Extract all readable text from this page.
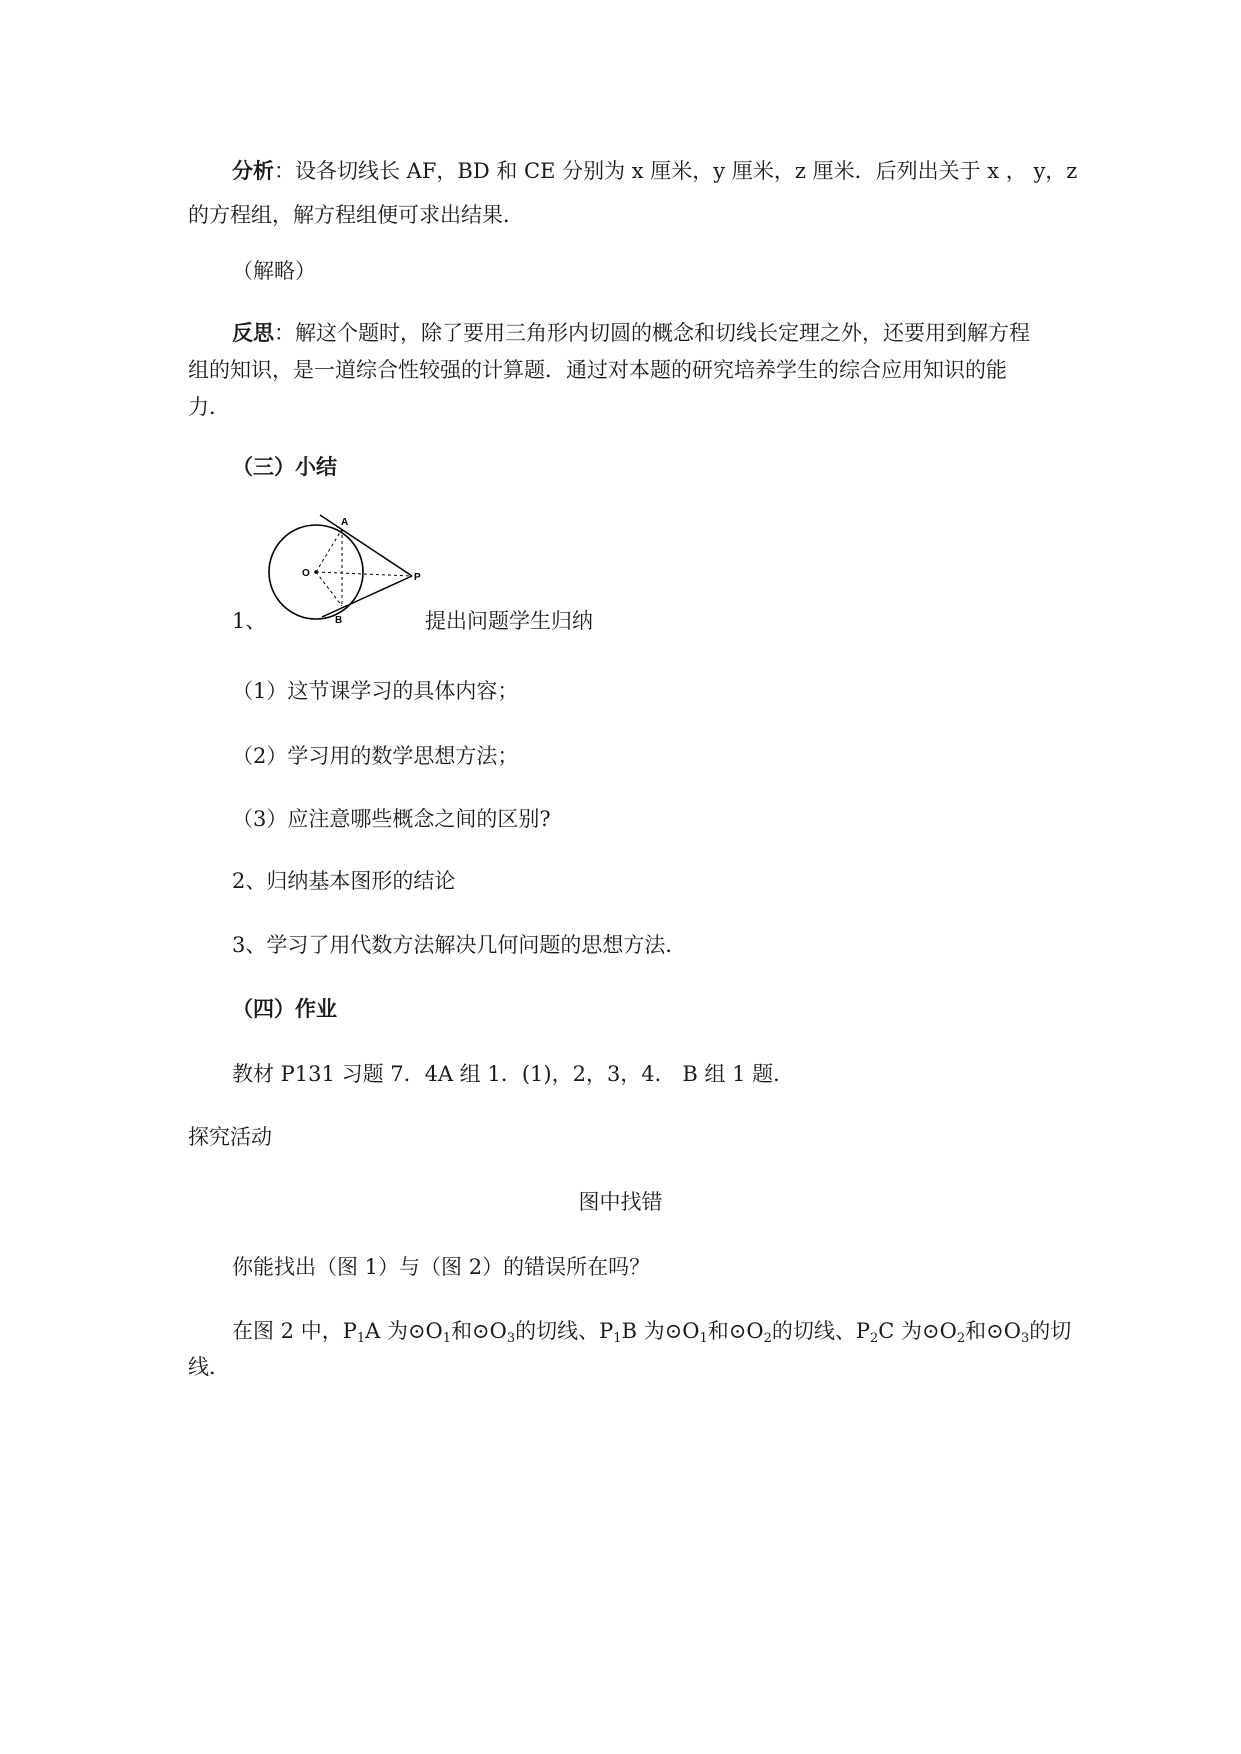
分析：设各切线长 AF，BD 和 CE 分别为 x 厘米，y 厘米，z 厘米．后列出关于 x ， y，z
的方程组，解方程组便可求出结果．
（解略）
反思：解这个题时，除了要用三角形内切圆的概念和切线长定理之外，还要用到解方程
组的知识，是一道综合性较强的计算题．通过对本题的研究培养学生的综合应用知识的能
力．
（三）小结
A
B
O	P
1、	提出问题学生归纳
（1）这节课学习的具体内容；
（2）学习用的数学思想方法；
（3）应注意哪些概念之间的区别?
2、归纳基本图形的结论
3、学习了用代数方法解决几何问题的思想方法．
（四）作业
教材 P131 习题 7．4A 组 1．(1)，2，3，4． B 组 1 题．
探究活动
图中找错
你能找出（图 1）与（图 2）的错误所在吗？
在图 2 中，$P_1A$ 为$⊙O_1$和$⊙O_3$的切线、$P_1B$ 为$⊙O_1$和$⊙O_2$的切线、$P_2C$ 为$⊙O_2$和$⊙O_3$的切
线．
